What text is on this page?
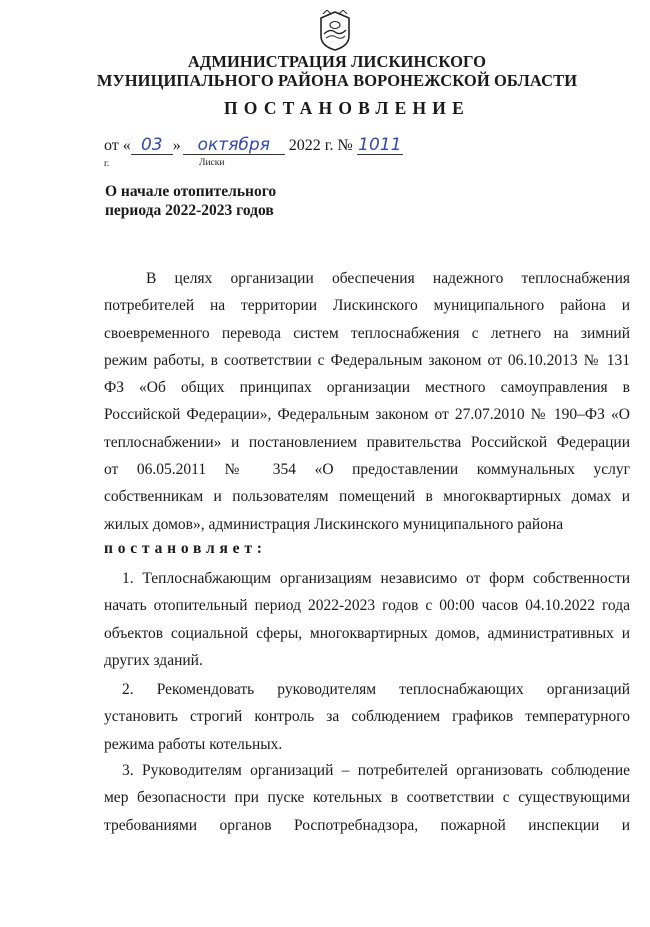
АДМИНИСТРАЦИЯ ЛИСКИНСКОГО
МУНИЦИПАЛЬНОГО РАЙОНА ВОРОНЕЖСКОЙ ОБЛАСТИ
ПОСТАНОВЛЕНИЕ
от « 03 » октября 2022 г. № 1011
г.	Лиски
О начале отопительного
периода 2022-2023 годов
В целях организации обеспечения надежного теплоснабжения
потребителей на территории Лискинского муниципального района и
своевременного перевода систем теплоснабжения с летнего на зимний
режим работы, в соответствии с Федеральным законом от 06.10.2013 № 131
ФЗ «Об общих принципах организации местного самоуправления в
Российской Федерации», Федеральным законом от 27.07.2010 № 190–ФЗ «О
теплоснабжении» и постановлением правительства Российской Федерации
от 06.05.2011 № 354 «О предоставлении коммунальных услуг
собственникам и пользователям помещений в многоквартирных домах и
жилых домов», администрация Лискинского муниципального района
постановляет:
1. Теплоснабжающим организациям независимо от форм собственности
начать отопительный период 2022-2023 годов с 00:00 часов 04.10.2022 года
объектов социальной сферы, многоквартирных домов, административных и
других зданий.
2. Рекомендовать руководителям теплоснабжающих организаций
установить строгий контроль за соблюдением графиков температурного
режима работы котельных.
3. Руководителям организаций – потребителей организовать соблюдение
мер безопасности при пуске котельных в соответствии с существующими
требованиями органов Роспотребнадзора, пожарной инспекции и
